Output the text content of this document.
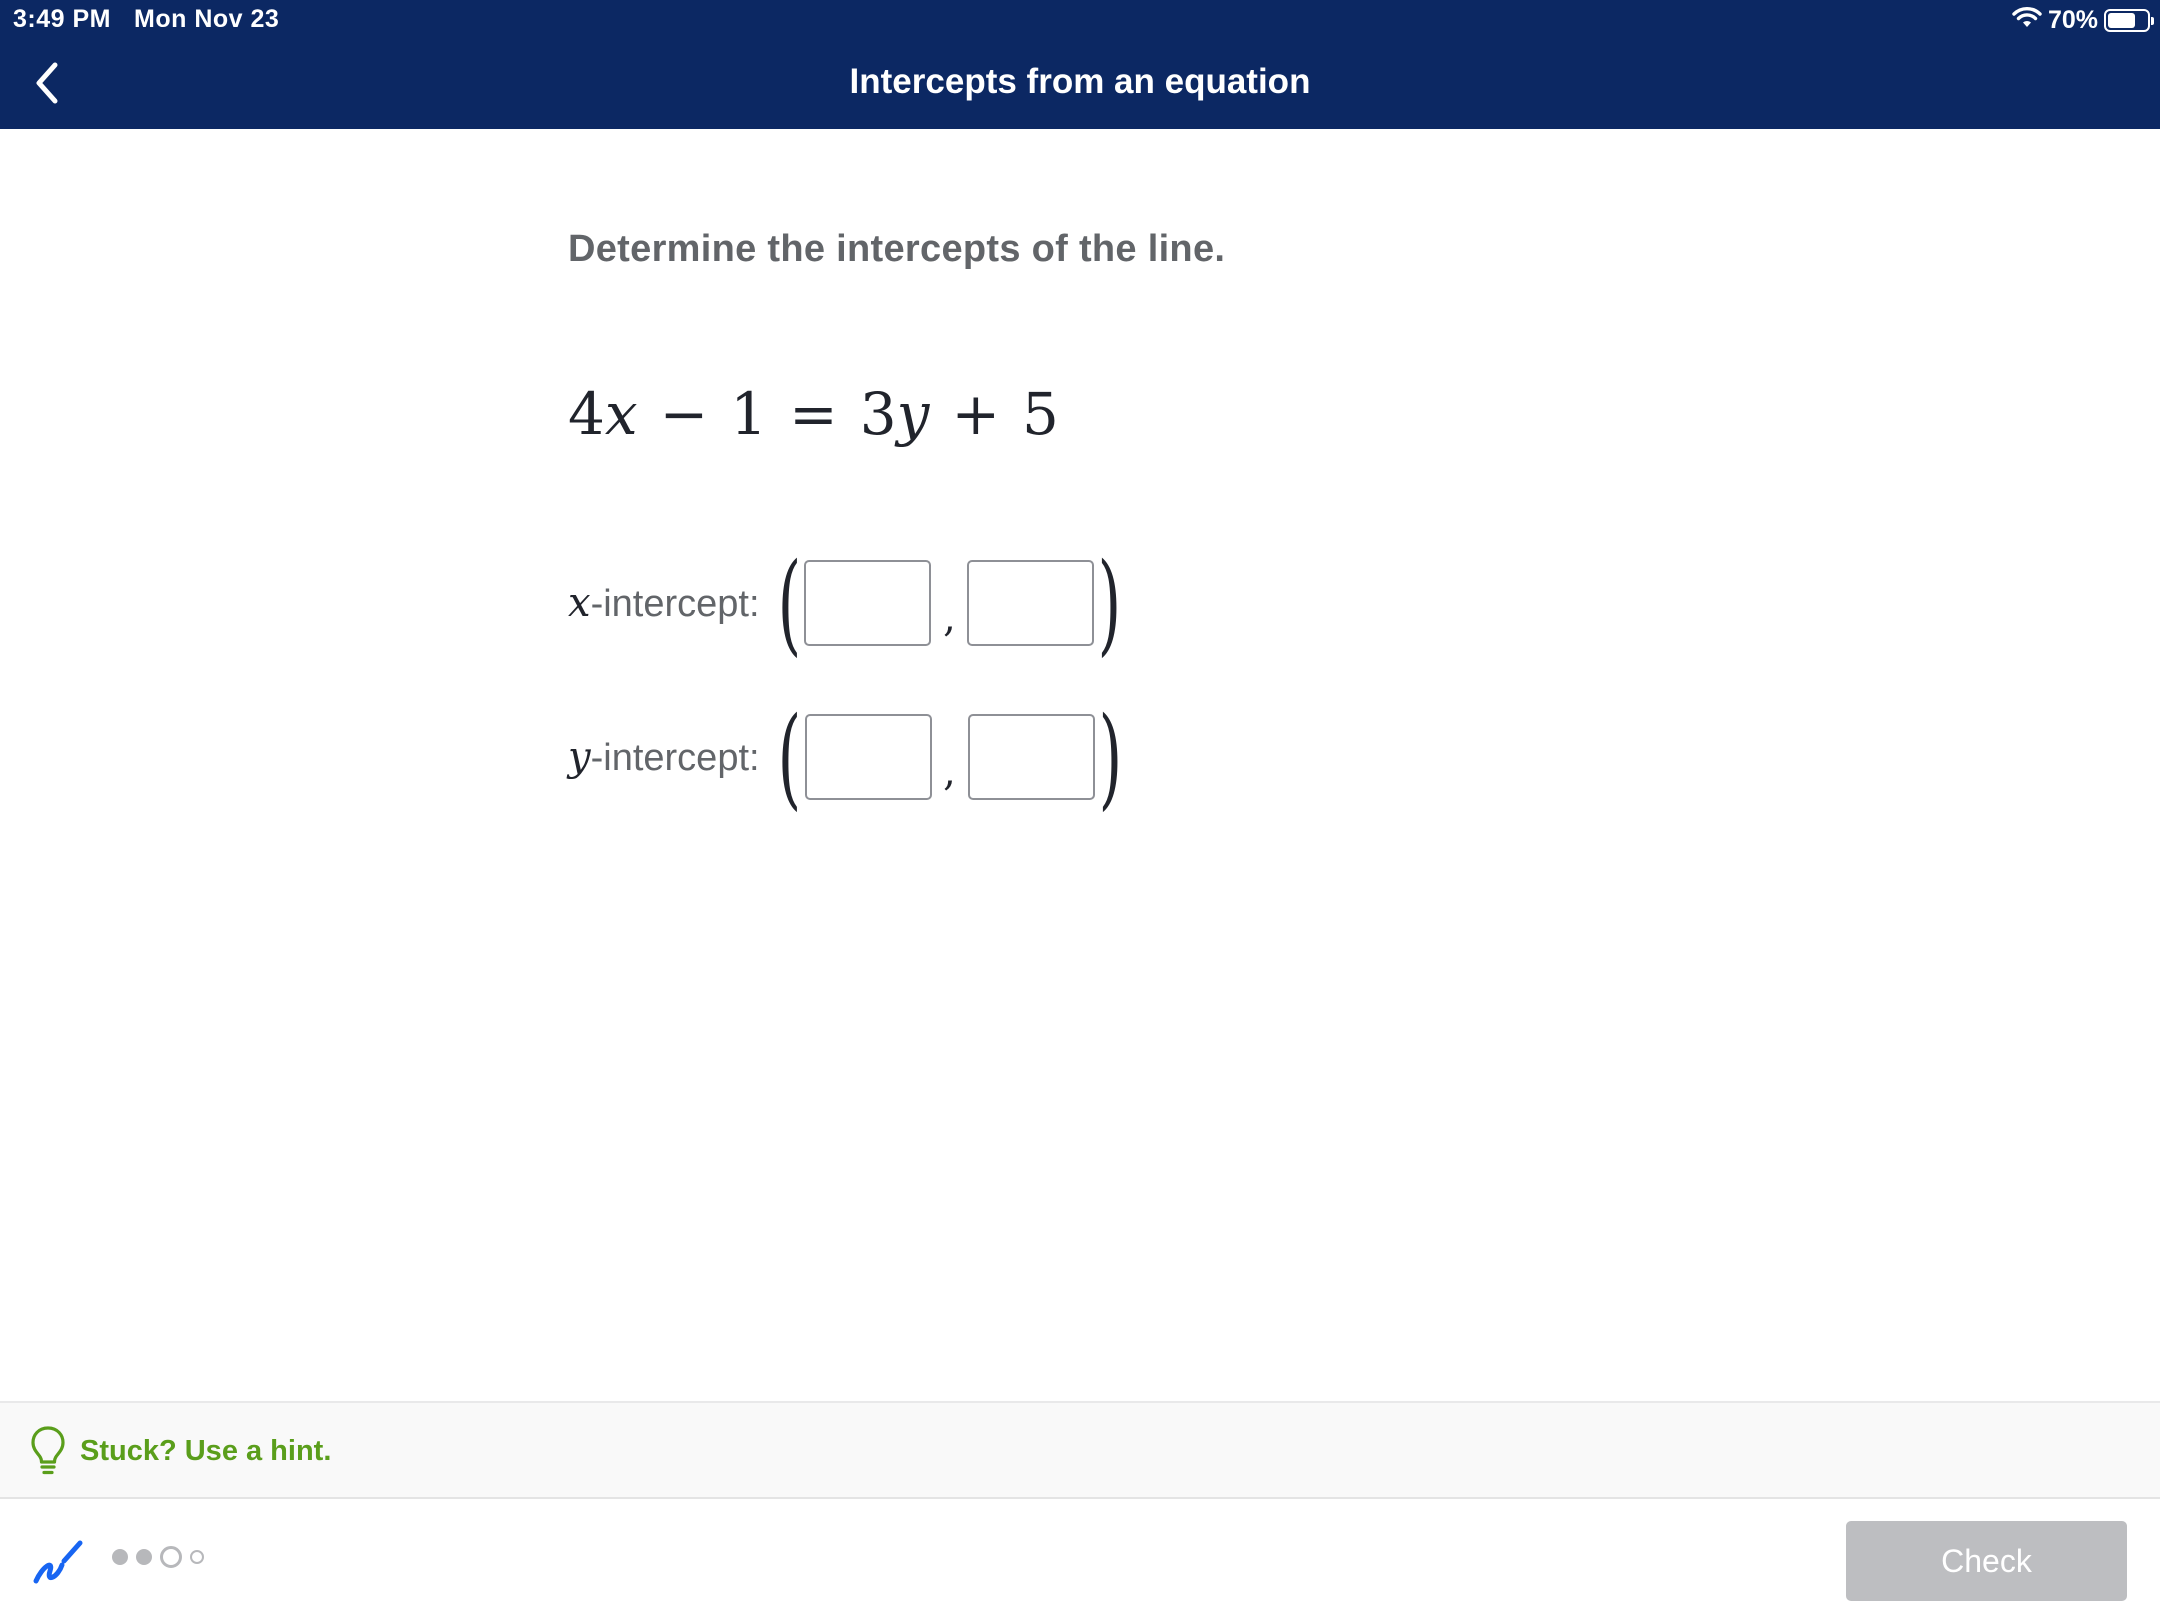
3:49 PM Mon Nov 23	70%
Intercepts from an equation
Determine the intercepts of the line.
4x − 1 = 3y + 5
x-intercept: (	, )
y-intercept: (	, )
Stuck? Use a hint.
Check
